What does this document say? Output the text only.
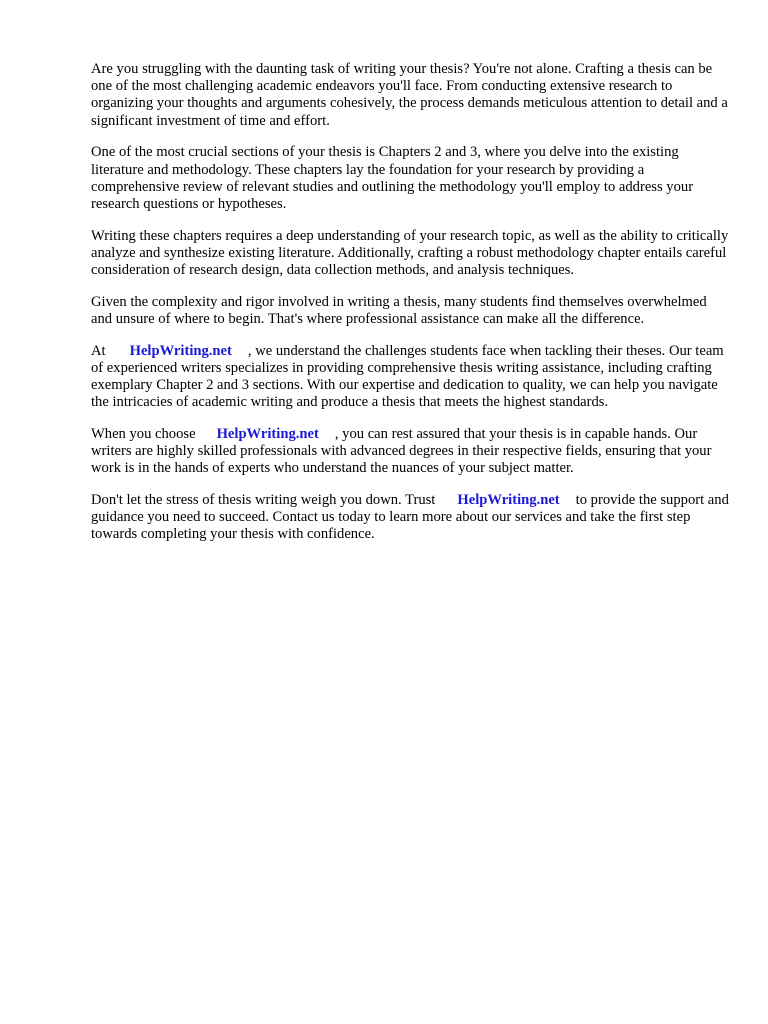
Are you struggling with the daunting task of writing your thesis? You're not alone. Crafting a thesis can be one of the most challenging academic endeavors you'll face. From conducting extensive research to organizing your thoughts and arguments cohesively, the process demands meticulous attention to detail and a significant investment of time and effort.

One of the most crucial sections of your thesis is Chapters 2 and 3, where you delve into the existing literature and methodology. These chapters lay the foundation for your research by providing a comprehensive review of relevant studies and outlining the methodology you'll employ to address your research questions or hypotheses.

Writing these chapters requires a deep understanding of your research topic, as well as the ability to critically analyze and synthesize existing literature. Additionally, crafting a robust methodology chapter entails careful consideration of research design, data collection methods, and analysis techniques.

Given the complexity and rigor involved in writing a thesis, many students find themselves overwhelmed and unsure of where to begin. That's where professional assistance can make all the difference.

At HelpWriting.net , we understand the challenges students face when tackling their theses. Our team of experienced writers specializes in providing comprehensive thesis writing assistance, including crafting exemplary Chapter 2 and 3 sections. With our expertise and dedication to quality, we can help you navigate the intricacies of academic writing and produce a thesis that meets the highest standards.

When you choose HelpWriting.net , you can rest assured that your thesis is in capable hands. Our writers are highly skilled professionals with advanced degrees in their respective fields, ensuring that your work is in the hands of experts who understand the nuances of your subject matter.

Don't let the stress of thesis writing weigh you down. Trust HelpWriting.net to provide the support and guidance you need to succeed. Contact us today to learn more about our services and take the first step towards completing your thesis with confidence.
